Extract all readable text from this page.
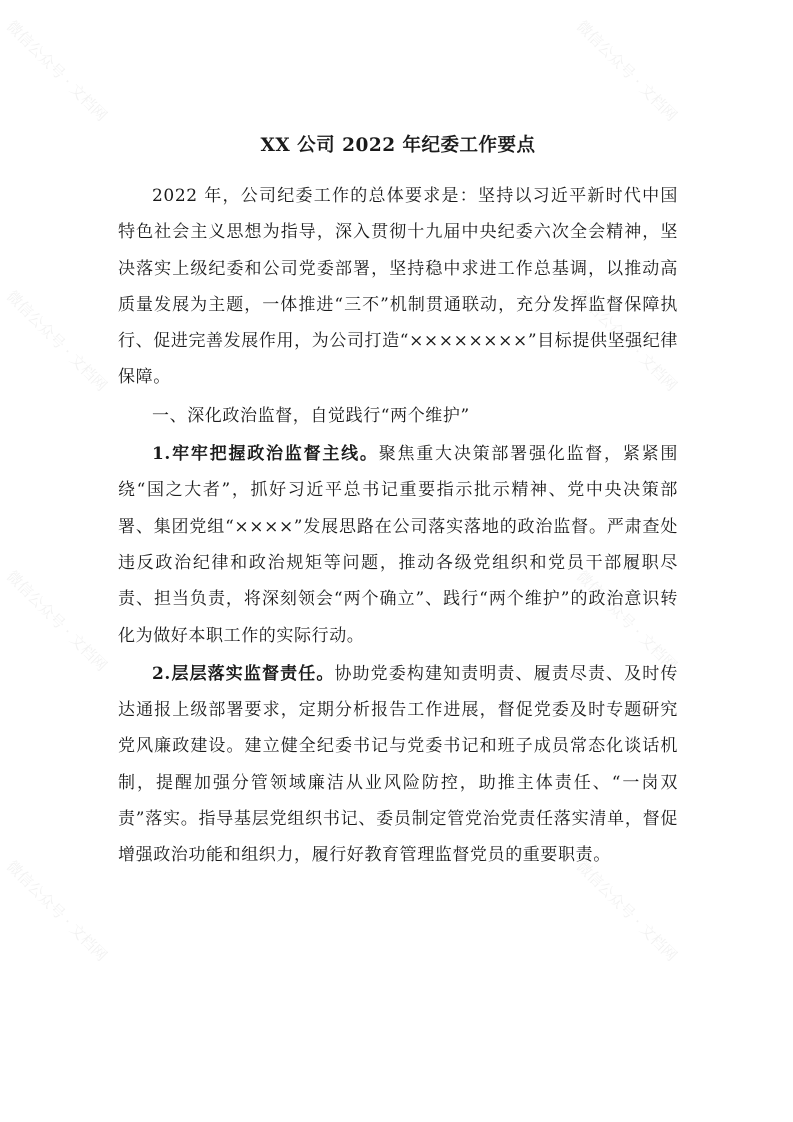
微信公众号 · 文档网	微信公众号 · 文档网
微信公众号 · 文档网	微信公众号 · 文档网
微信公众号 · 文档网	微信公众号 · 文档网
微信公众号 · 文档网	微信公众号 · 文档网
XX 公司 2022 年纪委工作要点

2022 年，公司纪委工作的总体要求是：坚持以习近平新时代中国特色社会主义思想为指导，深入贯彻十九届中央纪委六次全会精神，坚决落实上级纪委和公司党委部署，坚持稳中求进工作总基调，以推动高质量发展为主题，一体推进“三不”机制贯通联动，充分发挥监督保障执行、促进完善发展作用，为公司打造“××××××××”目标提供坚强纪律保障。

一、深化政治监督，自觉践行“两个维护”

1.牢牢把握政治监督主线。聚焦重大决策部署强化监督，紧紧围绕“国之大者”，抓好习近平总书记重要指示批示精神、党中央决策部署、集团党组“××××”发展思路在公司落实落地的政治监督。严肃查处违反政治纪律和政治规矩等问题，推动各级党组织和党员干部履职尽责、担当负责，将深刻领会“两个确立”、践行“两个维护”的政治意识转化为做好本职工作的实际行动。

2.层层落实监督责任。协助党委构建知责明责、履责尽责、及时传达通报上级部署要求，定期分析报告工作进展，督促党委及时专题研究党风廉政建设。建立健全纪委书记与党委书记和班子成员常态化谈话机制，提醒加强分管领域廉洁从业风险防控，助推主体责任、“一岗双责”落实。指导基层党组织书记、委员制定管党治党责任落实清单，督促增强政治功能和组织力，履行好教育管理监督党员的重要职责。
